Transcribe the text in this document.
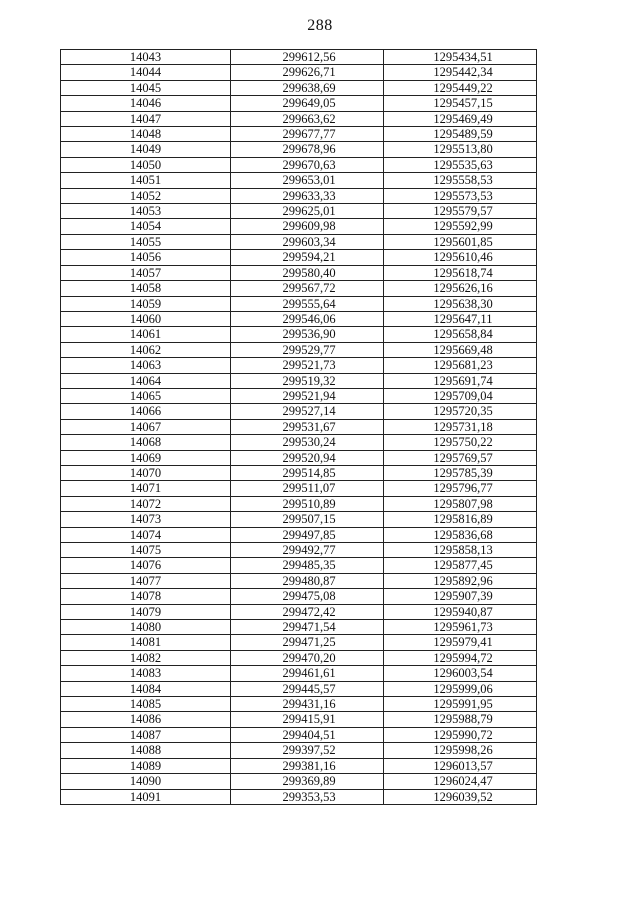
288
14043	299612,56	1295434,51
14044	299626,71	1295442,34
14045	299638,69	1295449,22
14046	299649,05	1295457,15
14047	299663,62	1295469,49
14048	299677,77	1295489,59
14049	299678,96	1295513,80
14050	299670,63	1295535,63
14051	299653,01	1295558,53
14052	299633,33	1295573,53
14053	299625,01	1295579,57
14054	299609,98	1295592,99
14055	299603,34	1295601,85
14056	299594,21	1295610,46
14057	299580,40	1295618,74
14058	299567,72	1295626,16
14059	299555,64	1295638,30
14060	299546,06	1295647,11
14061	299536,90	1295658,84
14062	299529,77	1295669,48
14063	299521,73	1295681,23
14064	299519,32	1295691,74
14065	299521,94	1295709,04
14066	299527,14	1295720,35
14067	299531,67	1295731,18
14068	299530,24	1295750,22
14069	299520,94	1295769,57
14070	299514,85	1295785,39
14071	299511,07	1295796,77
14072	299510,89	1295807,98
14073	299507,15	1295816,89
14074	299497,85	1295836,68
14075	299492,77	1295858,13
14076	299485,35	1295877,45
14077	299480,87	1295892,96
14078	299475,08	1295907,39
14079	299472,42	1295940,87
14080	299471,54	1295961,73
14081	299471,25	1295979,41
14082	299470,20	1295994,72
14083	299461,61	1296003,54
14084	299445,57	1295999,06
14085	299431,16	1295991,95
14086	299415,91	1295988,79
14087	299404,51	1295990,72
14088	299397,52	1295998,26
14089	299381,16	1296013,57
14090	299369,89	1296024,47
14091	299353,53	1296039,52
